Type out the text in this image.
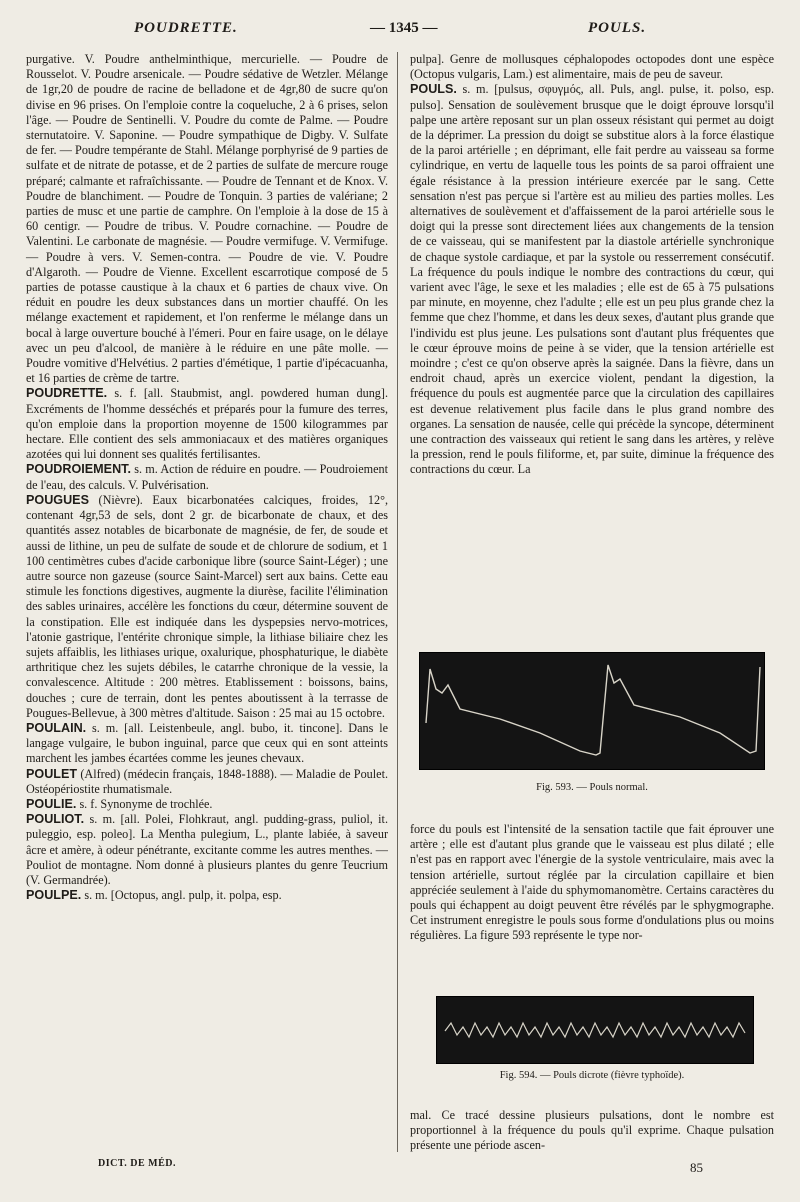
POUDRETTE.	— 1345 —	POULS.

purgative. V. Poudre anthelminthique, mercurielle. — Poudre de Rousselot. V. Poudre arsenicale. — Poudre sédative de Wetzler. Mélange de 1gr,20 de poudre de racine de belladone et de 4gr,80 de sucre qu'on divise en 96 prises. On l'emploie contre la coqueluche, 2 à 6 prises, selon l'âge. — Poudre de Sentinelli. V. Poudre du comte de Palme. — Poudre sternutatoire. V. Saponine. — Poudre sympathique de Digby. V. Sulfate de fer. — Poudre tempérante de Stahl. Mélange porphyrisé de 9 parties de sulfate et de nitrate de potasse, et de 2 parties de sulfate de mercure rouge préparé; calmante et rafraîchissante. — Poudre de Tennant et de Knox. V. Poudre de blanchiment. — Poudre de Tonquin. 3 parties de valériane; 2 parties de musc et une partie de camphre. On l'emploie à la dose de 15 à 60 centigr. — Poudre de tribus. V. Poudre cornachine. — Poudre de Valentini. Le carbonate de magnésie. — Poudre vermifuge. V. Vermifuge. — Poudre à vers. V. Semen-contra. — Poudre de vie. V. Poudre d'Algaroth. — Poudre de Vienne. Excellent escarrotique composé de 5 parties de potasse caustique à la chaux et 6 parties de chaux vive. On réduit en poudre les deux substances dans un mortier chauffé. On les mélange exactement et rapidement, et l'on renferme le mélange dans un bocal à large ouverture bouché à l'émeri. Pour en faire usage, on le délaye avec un peu d'alcool, de manière à le réduire en une pâte molle. — Poudre vomitive d'Helvétius. 2 parties d'émétique, 1 partie d'ipécacuanha, et 16 parties de crème de tartre.

POUDRETTE. s. f. [all. Staubmist, angl. powdered human dung]. Excréments de l'homme desséchés et préparés pour la fumure des terres, qu'on emploie dans la proportion moyenne de 1500 kilogrammes par hectare. Elle contient des sels ammoniacaux et des matières organiques azotées qui lui donnent ses qualités fertilisantes.

POUDROIEMENT. s. m. Action de réduire en poudre. — Poudroiement de l'eau, des calculs. V. Pulvérisation.

POUGUES (Nièvre). Eaux bicarbonatées calciques, froides, 12°, contenant 4gr,53 de sels, dont 2 gr. de bicarbonate de chaux, et des quantités assez notables de bicarbonate de magnésie, de fer, de soude et aussi de lithine, un peu de sulfate de soude et de chlorure de sodium, et 1 100 centimètres cubes d'acide carbonique libre (source Saint-Léger) ; une autre source non gazeuse (source Saint-Marcel) sert aux bains. Cette eau stimule les fonctions digestives, augmente la diurèse, facilite l'élimination des sables urinaires, accélère les fonctions du cœur, détermine souvent de la constipation. Elle est indiquée dans les dyspepsies nervo-motrices, l'atonie gastrique, l'entérite chronique simple, la lithiase biliaire chez les sujets affaiblis, les lithiases urique, oxalurique, phosphaturique, le diabète arthritique chez les sujets débiles, le catarrhe chronique de la vessie, la convalescence. Altitude : 200 mètres. Etablissement : boissons, bains, douches ; cure de terrain, dont les pentes aboutissent à la terrasse de Pougues-Bellevue, à 300 mètres d'altitude. Saison : 25 mai au 15 octobre.

POULAIN. s. m. [all. Leistenbeule, angl. bubo, it. tincone]. Dans le langage vulgaire, le bubon inguinal, parce que ceux qui en sont atteints marchent les jambes écartées comme les jeunes chevaux.

POULET (Alfred) (médecin français, 1848-1888). — Maladie de Poulet. Ostéopériostite rhumatismale.

POULIE. s. f. Synonyme de trochlée.

POULIOT. s. m. [all. Polei, Flohkraut, angl. pudding-grass, puliol, it. puleggio, esp. poleo]. La Mentha pulegium, L., plante labiée, à saveur âcre et amère, à odeur pénétrante, excitante comme les autres menthes. — Pouliot de montagne. Nom donné à plusieurs plantes du genre Teucrium (V. Germandrée).

POULPE. s. m. [Octopus, angl. pulp, it. polpa, esp.

pulpa]. Genre de mollusques céphalopodes octopodes dont une espèce (Octopus vulgaris, Lam.) est alimentaire, mais de peu de saveur.

POULS. s. m. [pulsus, σφυγμός, all. Puls, angl. pulse, it. polso, esp. pulso]. Sensation de soulèvement brusque que le doigt éprouve lorsqu'il palpe une artère reposant sur un plan osseux résistant qui permet au doigt de la déprimer. La pression du doigt se substitue alors à la force élastique de la paroi artérielle ; en déprimant, elle fait perdre au vaisseau sa forme cylindrique, en vertu de laquelle tous les points de sa paroi offraient une égale résistance à la pression intérieure exercée par le sang. Cette sensation n'est pas perçue si l'artère est au milieu des parties molles. Les alternatives de soulèvement et d'affaissement de la paroi artérielle sous le doigt qui la presse sont directement liées aux changements de la tension de ce vaisseau, qui se manifestent par la diastole artérielle synchronique de chaque systole cardiaque, et par la systole ou resserrement consécutif. La fréquence du pouls indique le nombre des contractions du cœur, qui varient avec l'âge, le sexe et les maladies ; elle est de 65 à 75 pulsations par minute, en moyenne, chez l'adulte ; elle est un peu plus grande chez la femme que chez l'homme, et dans les deux sexes, d'autant plus grande que l'individu est plus jeune. Les pulsations sont d'autant plus fréquentes que le cœur éprouve moins de peine à se vider, que la tension artérielle est moindre ; c'est ce qu'on observe après la saignée. Dans la fièvre, dans un endroit chaud, après un exercice violent, pendant la digestion, la fréquence du pouls est augmentée parce que la circulation des capillaires est devenue relativement plus facile dans le plus grand nombre des organes. La sensation de nausée, celle qui précède la syncope, déterminent une contraction des vaisseaux qui retient le sang dans les artères, y relève la pression, rend le pouls filiforme, et, par suite, diminue la fréquence des contractions du cœur. La

Fig. 593. — Pouls normal.
force du pouls est l'intensité de la sensation tactile que fait éprouver une artère ; elle est d'autant plus grande que le vaisseau est plus dilaté ; elle n'est pas en rapport avec l'énergie de la systole ventriculaire, mais avec la tension artérielle, surtout réglée par la circulation capillaire et bien appréciée seulement à l'aide du sphymomanomètre. Certains caractères du pouls qui échappent au doigt peuvent être révélés par le sphygmographe. Cet instrument enregistre le pouls sous forme d'ondulations plus ou moins régulières. La figure 593 représente le type nor-
Fig. 594. — Pouls dicrote (fièvre typhoïde).
mal. Ce tracé dessine plusieurs pulsations, dont le nombre est proportionnel à la fréquence du pouls qu'il exprime. Chaque pulsation présente une période ascen-
DICT. DE MÉD.	85
